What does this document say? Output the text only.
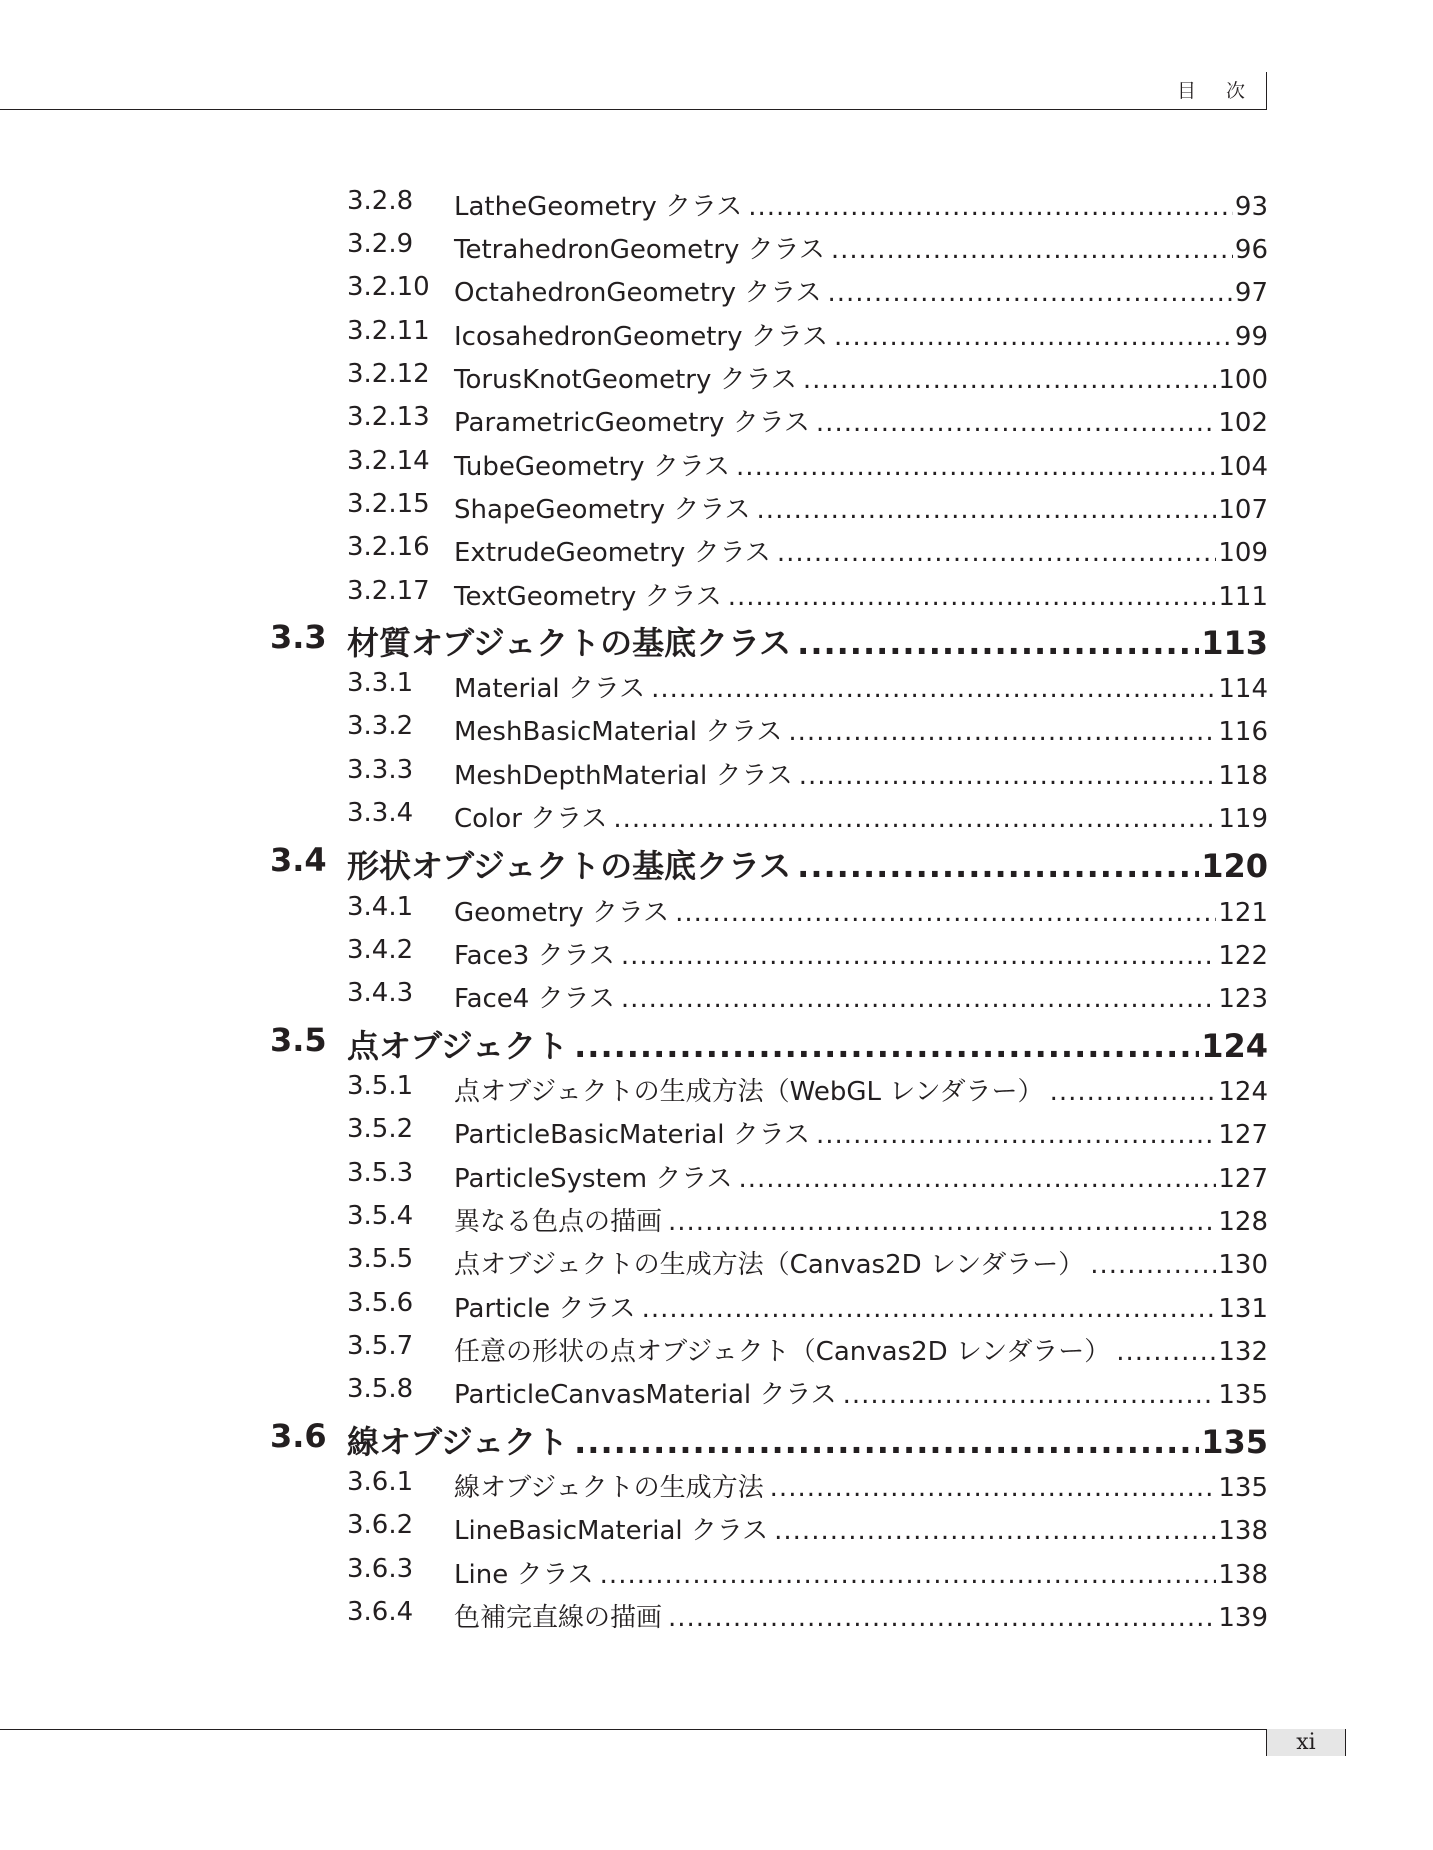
目 次
3.2.8 LatheGeometry クラス .....	93
3.2.9 TetrahedronGeometry クラス .....	96
3.2.10 OctahedronGeometry クラス .....	97
3.2.11 IcosahedronGeometry クラス .....	99
3.2.12 TorusKnotGeometry クラス .....	100
3.2.13 ParametricGeometry クラス .....	102
3.2.14 TubeGeometry クラス .....	104
3.2.15 ShapeGeometry クラス .....	107
3.2.16 ExtrudeGeometry クラス .....	109
3.2.17 TextGeometry クラス .....	111
3.3 材質オブジェクトの基底クラス .....	113
3.3.1 Material クラス .....	114
3.3.2 MeshBasicMaterial クラス .....	116
3.3.3 MeshDepthMaterial クラス .....	118
3.3.4 Color クラス .....	119
3.4 形状オブジェクトの基底クラス .....	120
3.4.1 Geometry クラス .....	121
3.4.2 Face3 クラス .....	122
3.4.3 Face4 クラス .....	123
3.5 点オブジェクト .....	124
3.5.1 点オブジェクトの生成方法（WebGL レンダラー） .....	124
3.5.2 ParticleBasicMaterial クラス .....	127
3.5.3 ParticleSystem クラス .....	127
3.5.4 異なる色点の描画 .....	128
3.5.5 点オブジェクトの生成方法（Canvas2D レンダラー） .....	130
3.5.6 Particle クラス .....	131
3.5.7 任意の形状の点オブジェクト（Canvas2D レンダラー） .....	132
3.5.8 ParticleCanvasMaterial クラス .....	135
3.6 線オブジェクト .....	135
3.6.1 線オブジェクトの生成方法 .....	135
3.6.2 LineBasicMaterial クラス .....	138
3.6.3 Line クラス .....	138
3.6.4 色補完直線の描画 .....	139
xi
